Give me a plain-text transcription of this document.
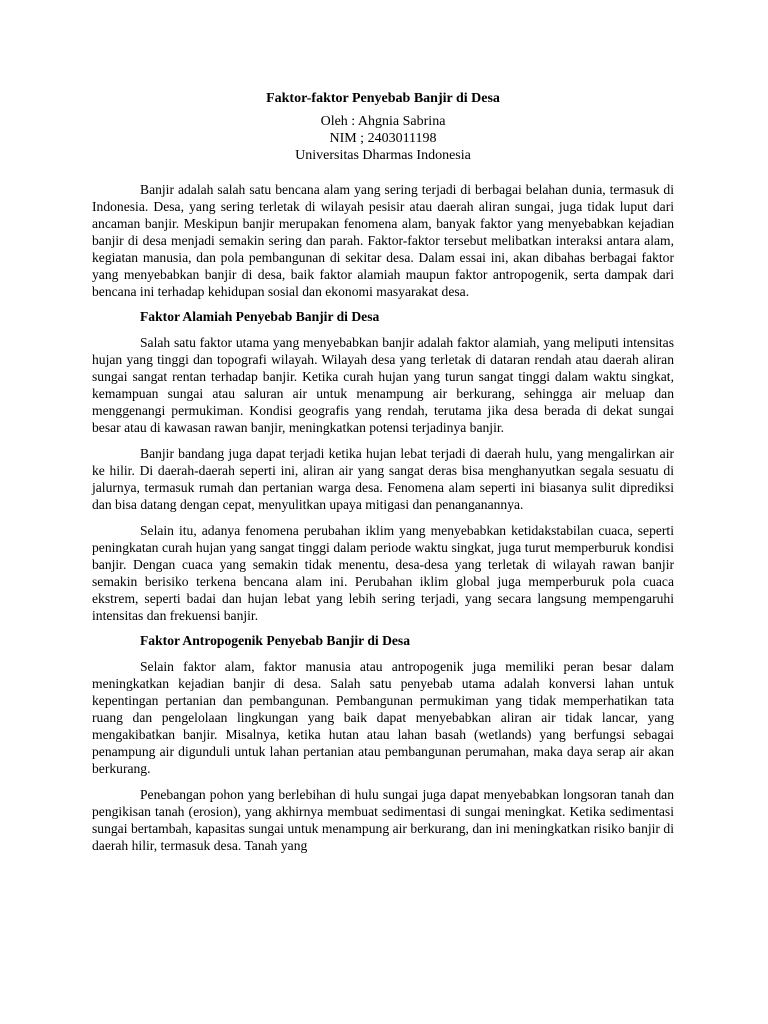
Faktor-faktor Penyebab Banjir di Desa
Oleh : Ahgnia Sabrina
NIM ; 2403011198
Universitas Dharmas Indonesia

Banjir adalah salah satu bencana alam yang sering terjadi di berbagai belahan dunia, termasuk di Indonesia. Desa, yang sering terletak di wilayah pesisir atau daerah aliran sungai, juga tidak luput dari ancaman banjir. Meskipun banjir merupakan fenomena alam, banyak faktor yang menyebabkan kejadian banjir di desa menjadi semakin sering dan parah. Faktor-faktor tersebut melibatkan interaksi antara alam, kegiatan manusia, dan pola pembangunan di sekitar desa. Dalam essai ini, akan dibahas berbagai faktor yang menyebabkan banjir di desa, baik faktor alamiah maupun faktor antropogenik, serta dampak dari bencana ini terhadap kehidupan sosial dan ekonomi masyarakat desa.

Faktor Alamiah Penyebab Banjir di Desa

Salah satu faktor utama yang menyebabkan banjir adalah faktor alamiah, yang meliputi intensitas hujan yang tinggi dan topografi wilayah. Wilayah desa yang terletak di dataran rendah atau daerah aliran sungai sangat rentan terhadap banjir. Ketika curah hujan yang turun sangat tinggi dalam waktu singkat, kemampuan sungai atau saluran air untuk menampung air berkurang, sehingga air meluap dan menggenangi permukiman. Kondisi geografis yang rendah, terutama jika desa berada di dekat sungai besar atau di kawasan rawan banjir, meningkatkan potensi terjadinya banjir.

Banjir bandang juga dapat terjadi ketika hujan lebat terjadi di daerah hulu, yang mengalirkan air ke hilir. Di daerah-daerah seperti ini, aliran air yang sangat deras bisa menghanyutkan segala sesuatu di jalurnya, termasuk rumah dan pertanian warga desa. Fenomena alam seperti ini biasanya sulit diprediksi dan bisa datang dengan cepat, menyulitkan upaya mitigasi dan penanganannya.

Selain itu, adanya fenomena perubahan iklim yang menyebabkan ketidakstabilan cuaca, seperti peningkatan curah hujan yang sangat tinggi dalam periode waktu singkat, juga turut memperburuk kondisi banjir. Dengan cuaca yang semakin tidak menentu, desa-desa yang terletak di wilayah rawan banjir semakin berisiko terkena bencana alam ini. Perubahan iklim global juga memperburuk pola cuaca ekstrem, seperti badai dan hujan lebat yang lebih sering terjadi, yang secara langsung mempengaruhi intensitas dan frekuensi banjir.

Faktor Antropogenik Penyebab Banjir di Desa

Selain faktor alam, faktor manusia atau antropogenik juga memiliki peran besar dalam meningkatkan kejadian banjir di desa. Salah satu penyebab utama adalah konversi lahan untuk kepentingan pertanian dan pembangunan. Pembangunan permukiman yang tidak memperhatikan tata ruang dan pengelolaan lingkungan yang baik dapat menyebabkan aliran air tidak lancar, yang mengakibatkan banjir. Misalnya, ketika hutan atau lahan basah (wetlands) yang berfungsi sebagai penampung air digunduli untuk lahan pertanian atau pembangunan perumahan, maka daya serap air akan berkurang.

Penebangan pohon yang berlebihan di hulu sungai juga dapat menyebabkan longsoran tanah dan pengikisan tanah (erosion), yang akhirnya membuat sedimentasi di sungai meningkat. Ketika sedimentasi sungai bertambah, kapasitas sungai untuk menampung air berkurang, dan ini meningkatkan risiko banjir di daerah hilir, termasuk desa. Tanah yang
